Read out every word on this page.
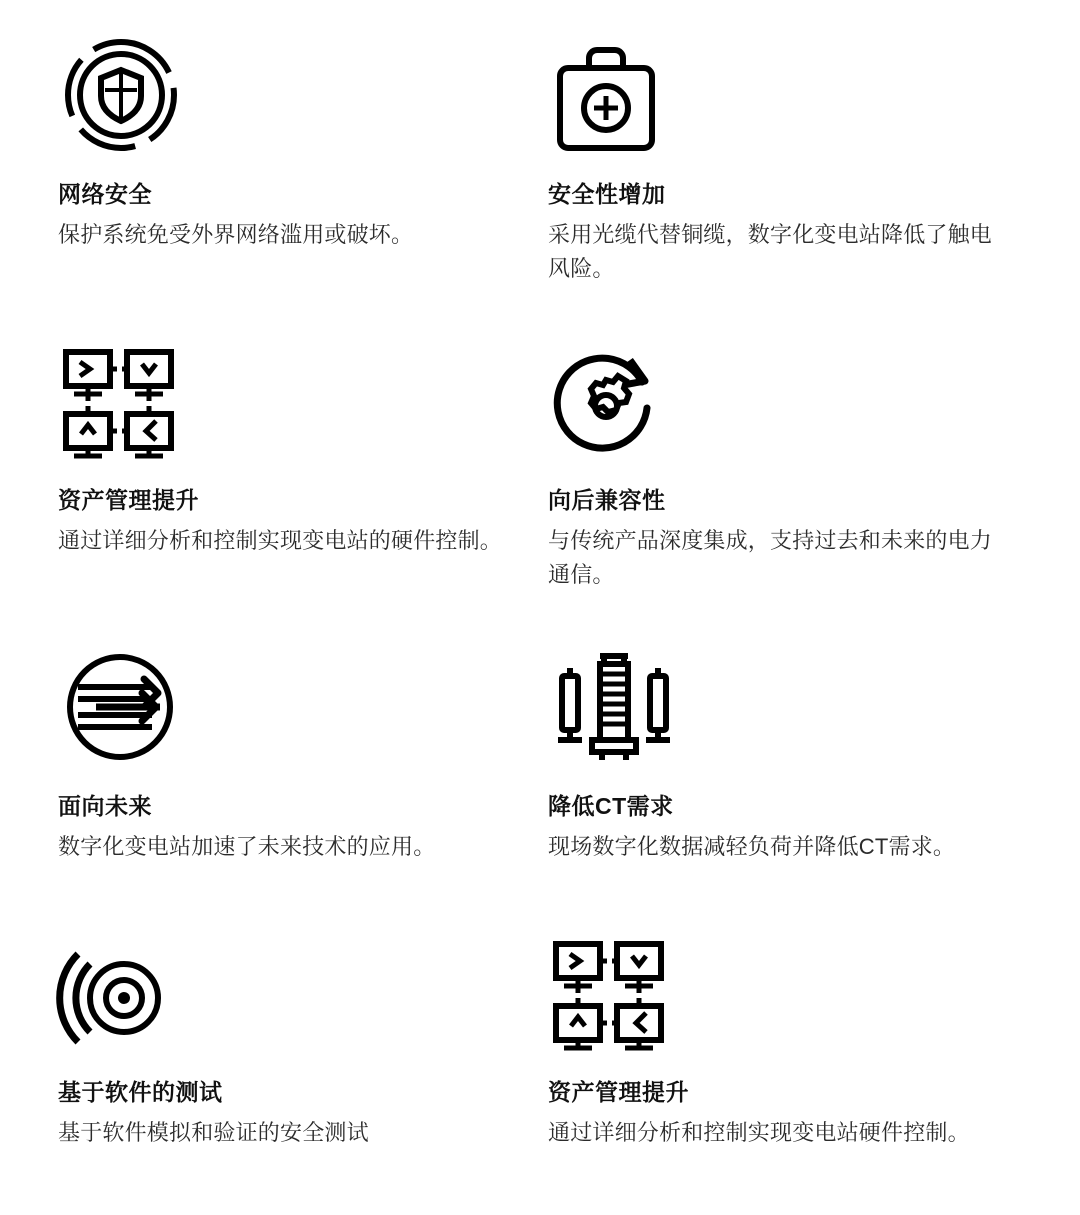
网络安全
保护系统免受外界网络滥用或破坏。
安全性增加
采用光缆代替铜缆，数字化变电站降低了触电风险。
资产管理提升
通过详细分析和控制实现变电站的硬件控制。
向后兼容性
与传统产品深度集成，支持过去和未来的电力通信。
面向未来
数字化变电站加速了未来技术的应用。
降低CT需求
现场数字化数据减轻负荷并降低CT需求。
基于软件的测试
基于软件模拟和验证的安全测试
资产管理提升
通过详细分析和控制实现变电站硬件控制。
